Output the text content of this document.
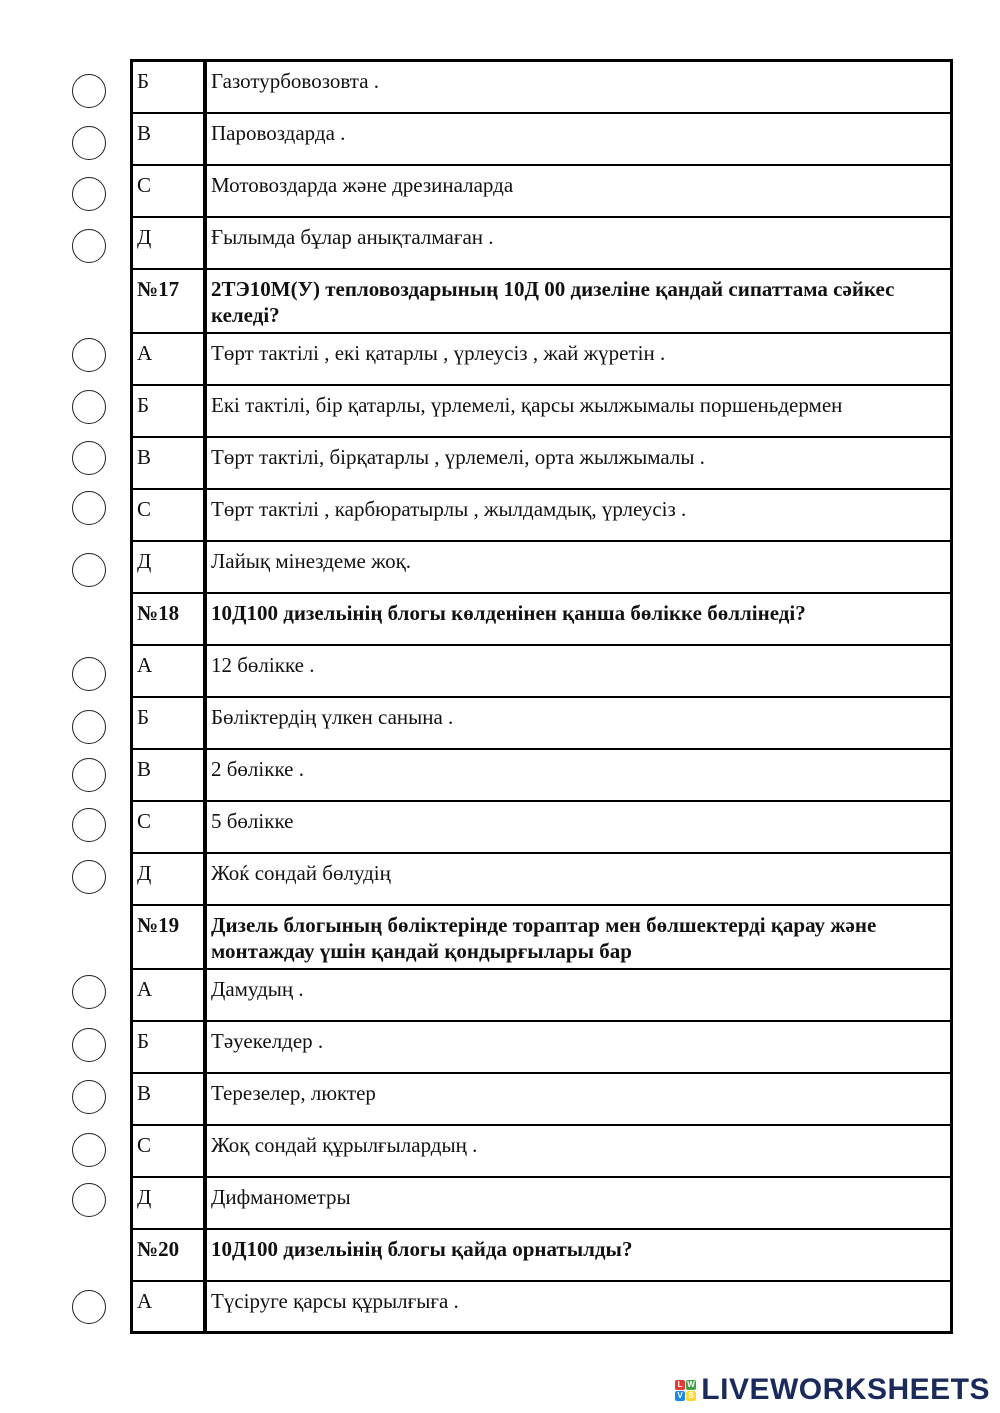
Б	Газотурбовозовта .
В	Паровоздарда .
С	Мотовоздарда және дрезиналарда
Д	Ғылымда бұлар анықталмаған .
№17	2ТЭ10М(У) тепловоздарының 10Д 00 дизеліне қандай сипаттама сәйкес келеді?
А	Төрт тактілі , екі қатарлы , үрлеусіз , жай жүретін .
Б	Екі тактілі, бір қатарлы, үрлемелі, қарсы жылжымалы поршеньдермен
В	Төрт тактілі, бірқатарлы , үрлемелі, орта жылжымалы .
С	Төрт тактілі , карбюратырлы , жылдамдық, үрлеусіз .
Д	Лайық мінездеме жоқ.
№18	10Д100 дизельінің блогы көлденінен қанша бөлікке бөллінеді?
А	12 бөлікке .
Б	Бөліктердің үлкен санына .
В	2 бөлікке .
С	5 бөлікке
Д	Жоќ сондай бөлудің
№19	Дизель блогының бөліктерінде тораптар мен бөлшектерді қарау және монтаждау үшін қандай қондырғылары бар
А	Дамудың .
Б	Тәуекелдер .
В	Терезелер, люктер
С	Жоқ сондай құрылғылардың .
Д	Дифманометры
№20	10Д100 дизельінің блогы қайда орнатылды?
А	Түсіруге қарсы құрылғыға .
L W
V S LIVEWORKSHEETS
